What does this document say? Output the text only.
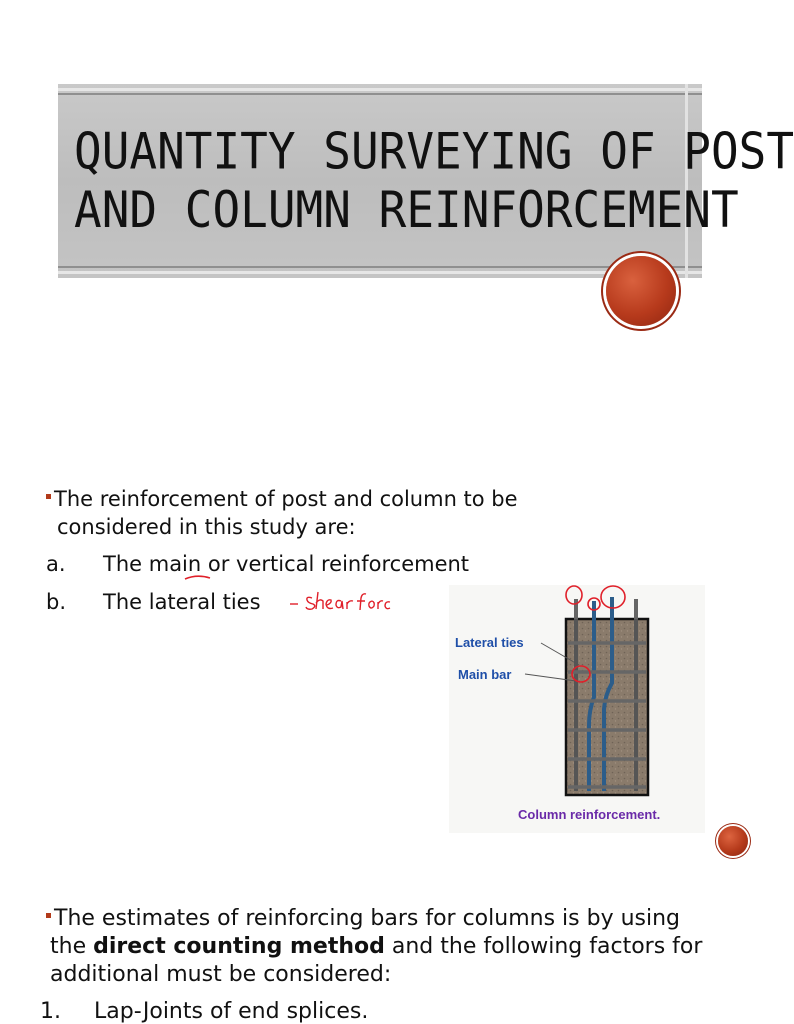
QUANTITY SURVEYING OF POST
AND COLUMN REINFORCEMENT
The reinforcement of post and column to be
considered in this study are:
a. The main or vertical reinforcement
b. The lateral ties
Lateral ties
Main bar
Column reinforcement.
The estimates of reinforcing bars for columns is by using
the direct counting method and the following factors for
additional must be considered:
1. Lap-Joints of end splices.
